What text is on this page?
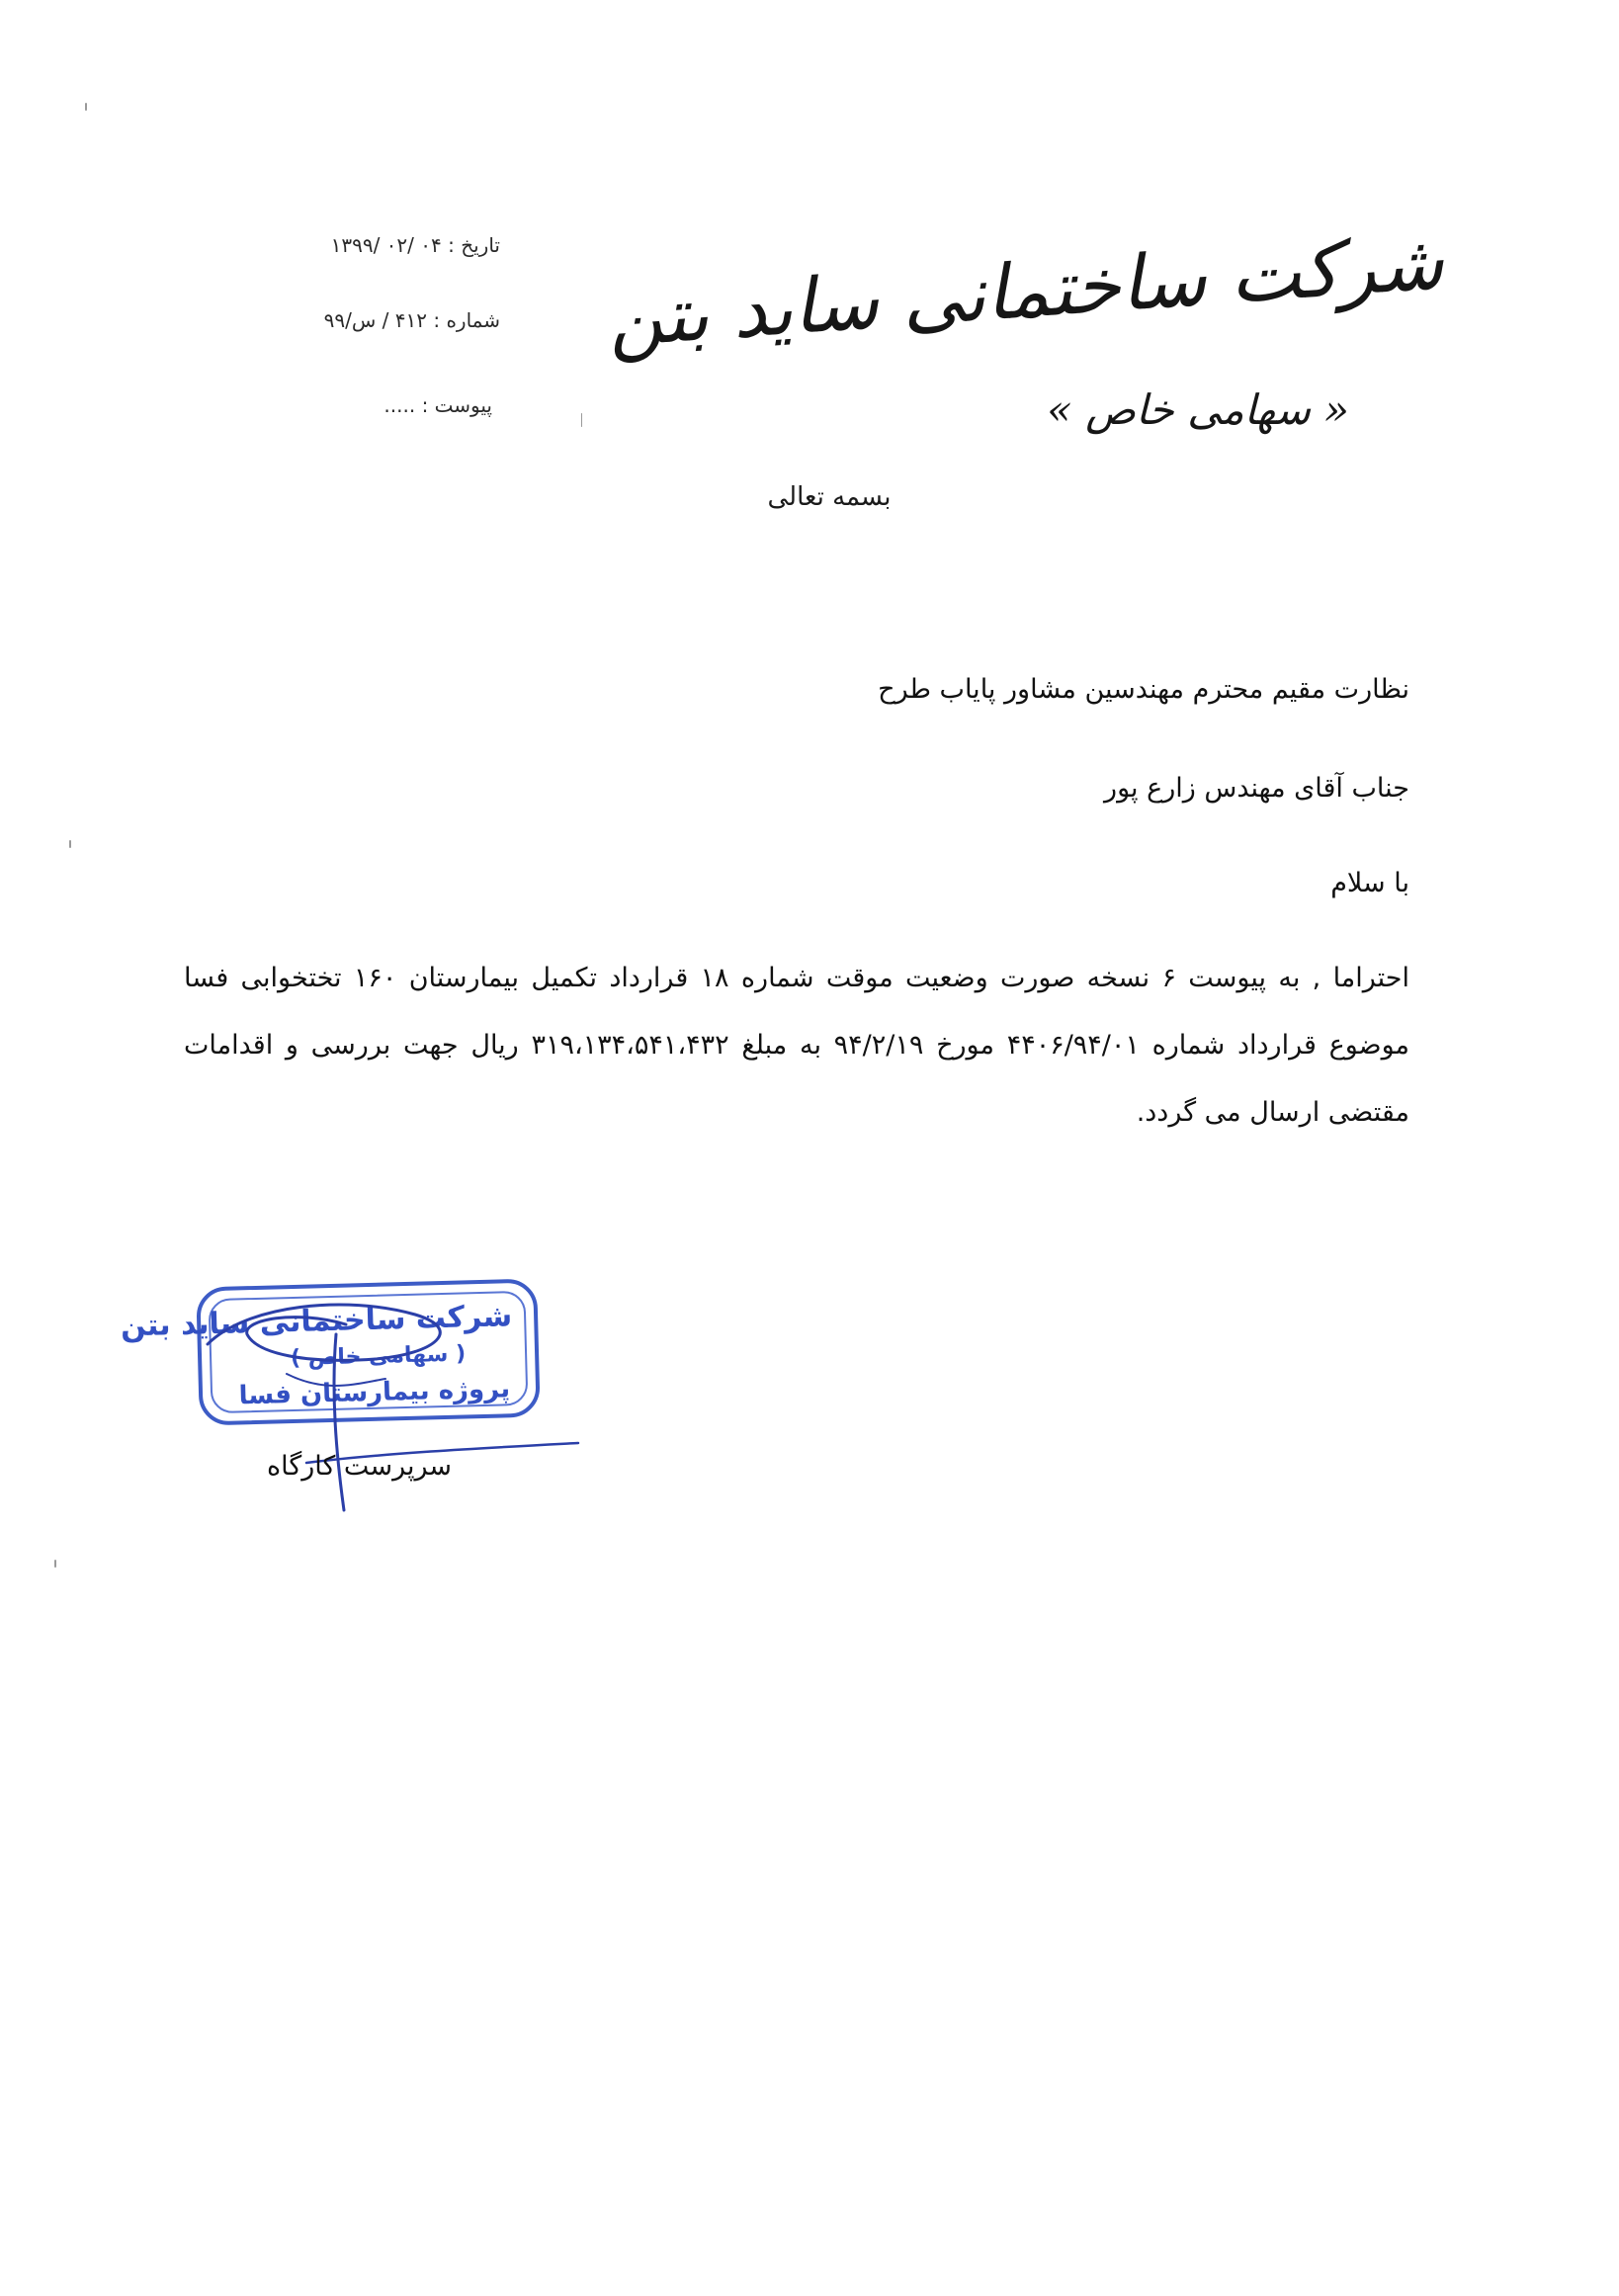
شرکت ساختمانی ساید بتن
« سهامی خاص »
تاریخ : ۰۴ /۰۲ /۱۳۹۹
شماره : ۴۱۲ / س/۹۹
پیوست : .....
بسمه تعالی
نظارت مقیم محترم مهندسین مشاور پایاب طرح
جناب آقای مهندس زارع پور
با سلام
احتراما , به پیوست ۶ نسخه صورت وضعیت موقت شماره ۱۸ قرارداد تکمیل بیمارستان ۱۶۰ تختخوابی فسا موضوع قرارداد شماره ۴۴۰۶/۹۴/۰۱ مورخ ۹۴/۲/۱۹ به مبلغ ۳۱۹،۱۳۴،۵۴۱،۴۳۲ ریال جهت بررسی و اقدامات مقتضی ارسال می گردد.
شرکت ساختمانی ساید بتن
( سهامی خاص )
پروژه بیمارستان فسا
سرپرست کارگاه
